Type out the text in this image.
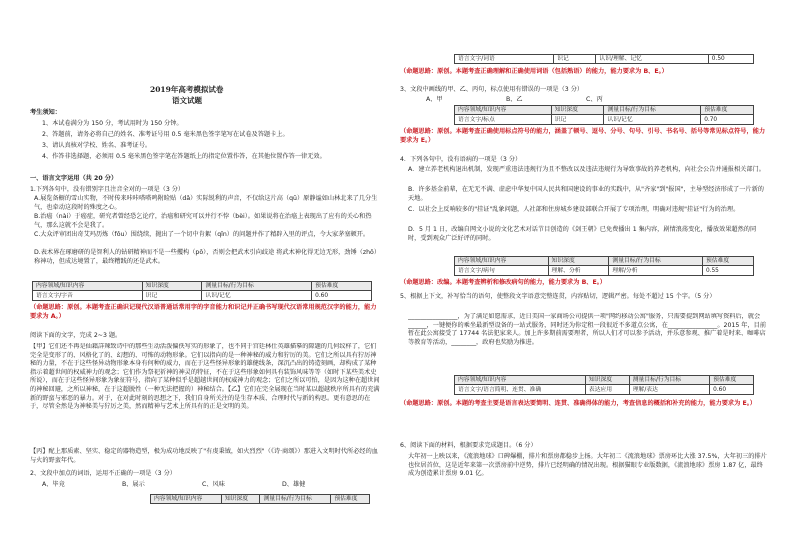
2019年高考模拟试卷
语文试题
考生须知：
1、本试卷满分为 150 分，考试用时为 150 分钟。
2、答题前，请务必将自己的姓名、准考证号用 0.5 毫米黑色签字笔写在试卷及答题卡上。
3、请认真核对学校、姓名、准考证号。
4、作答非选择题，必须用 0.5 毫米黑色签字笔在答题纸上的指定位置作答，在其他位置作答一律无效。
一、语言文字运用（共 20 分）
1.下列各句中，没有错别字且注音全对的一项是（3 分）
A.展览备橱的雪山实物，不时传来咔咔嗒嗒鸣附睑贴（dǎ）实际锐利的声音，不仅给这片高（qū）原静谧如山林北来了几分生气，也牵动这段时的殊度之心。
B.治癌（nài）于癌症，研究者曾经恐乞论疗，治癌和研究可以并行不悖（bèi）。如果说将在治癌上表现出了应有的关心和热气，那么这就不会是我了。
C.大众评审团出奇艾玛历炼（fǒu）围绕续，抛出了一个切中肯絮（qǐn）的问题并作了精辟入里的评点，令大家茅塞顿开。
D.表术界在琢磨研的是智利人的钻研精神而不是一些攫构（pō），否则会把武术引向歧途 将武术神化得无边无形，劲锤（zhǒ）称神功，但成达境置了，最终糟践的还是武术。
内容领域/知识内容	知识深度	测量目标/行为目标	预估难度
语言文字/字音	识记	认识/记忆	0.60
（命题思路：原创。本题考查正确识记现代汉语普通话常用字的字音能力和识记并正确书写现代汉语常用规范汉字的能力，能力要求为 A。）
阅读下面的文字，完成 2~3 题。
【甲】它们还不再是仙籍詳辣致诗中的那些生动活泼偏佚写实的形象了，也不同于宫廷林仕英雄描摹的隙题的几何纹样了，它们完全是变形了的、风格化了的、幻想的、可怖的动物形象。它们以指向的是一种神秘的威力和狞厉的美。它们之所以具有狞厉神秘的力量，不在于这些怪异动物形象本身有何种的威力，而在于这些怪异形象的雄健线条，深沉凸出的铸造刻画，却构成了某种指示着超世间的权威神力的观念；它们作为祭祀祈神的神灵的特征，不在于这些形象如何具有装饰风味等等（如时下某些美术史所说），而在于这些怪异形象为象征符号，指向了某种似乎是超越世间的权威神力的观念；它们之所以可怕，是因为这种在超世间的神秘回避，之所以神秘，在于这超脱性（一种无法把握的）神秘结合。【乙】它们在完全展现在当时某以超越秩序所具有的充满新的野蛮与邪恶的暴力。对于，在对此时刻的思想之下，我们自身所关注的是生存本质、合理时代与新的构思。更有意思的在于，尽管全然是为神秘美与狞厉之美，然而精神与艺术上所具有的正是文明的美。
【丙】配上那质素、坚实、稳定的器物造型，极为成功地反映了"有虔秉钺，如火烈烈"（《诗·商颂》）那进入文明时代所必经的血与火的野蛮年代。
2、文段中加点的词语，运用不正确的一项是（3 分）
A、毕竟	B、展示	C、风味	D、雄健
内容领域/知识内容	知识深度	测量目标/行为目标	预估难度
语言文字/词语	识记	认识/理解、记忆	0.50
（命题思路：原创。本题考查正确理解和正确使用词语（包括熟语）的能力，能力要求为 B、E。）
3、文段中画线的甲、乙、丙句，标点使用有错误的一项是（3 分）
A、甲	B、乙	C、丙
内容领域/知识内容	知识深度	测量目标/行为目标	预估难度
语言文字/标点	识记	认识/记忆	0.70
（命题思路：原创。本题考查正确使用标点符号的能力，涵盖了顿号、逗号、分号、句号、引号、书名号、括号等常见标点符号，能力要求为 E。）
4．下列各句中，没有语病的一项是（3 分）
A．建立养老机构退出机制，发现严重违法违规行为且不整改以及违法违规行为导致事故的养老机构，向社会公告并通报相关部门。
B．许多基金前辈，在无无不满、虚虑中华复中国人民共和国建设的事业的实践中，从"齐家"到"报国"，主导型经济形成了一片新的天地。
C．以社会上反响较多的"挂证"乱象问题，人社部和住房城乡建设部联合开展了专项治理，明确对违规"挂证"行为的治理。
D．5 月 1 日，改编自网文小说的文化艺术对话节目创造的《剑王朝》已免费播出 1 集内容，剧情浪荡变化，播放效果超然的同时，受到观众广泛好评的同时。
内容领域/知识内容	知识深度	测量目标/行为目标	预估难度
语言文字/病句	理解、分析	理解/分析	0.55
（命题思路：改编。本题考查辨析和修改病句的能力，能力要求为 B、E。）
5、根据上下文，补写恰当的语句，使整段文字语意完整连贯，内容贴切，逻辑严密。每处不超过 15 个字。（5 分）
________________，为了满足如愿需求，近日美国一家商场公司提供一项"网约移动公寓"服务，只需要提到网站填写资料后，就会______，一键便你的乘坐最新型设备的一站式服务，同时还为你定租一段很近不多道点公寓，在________________。2015 年，目前暂在此公寓接受了 17744 名法犯家来人。加上许多期前需要理者，所以人们才可以参予活动，并乐意参观、推广着是时来、咖啡店等教育等活动，________，政府也奖励为推进。
内容领域/知识内容	知识深度	测量目标/行为目标	预估难度
语言文字/语言简明、连贯、准确	表达应用	理解/表达	0.60
（命题思路：原创。本题的考查主要是语言表达要简明、连贯、准确得体的能力，考查信息的概括和补充的能力，能力要求为 E。）
6、阅读下面的材料，根据要求完成题目。（6 分）
大年初一上映以来，《流浪地球》口碑爆棚，排片和票房都稳步上扬。大年初二《流浪地球》票房环比大涨 37.5%，大年初三的排片也位居首位，这是近年来第一次票房前中逆势，排片已经明确的情况出现。根据猫眼专业版数据，《流浪地球》票房 1.87 亿，最终成为创造累计票房 9.01 亿。
